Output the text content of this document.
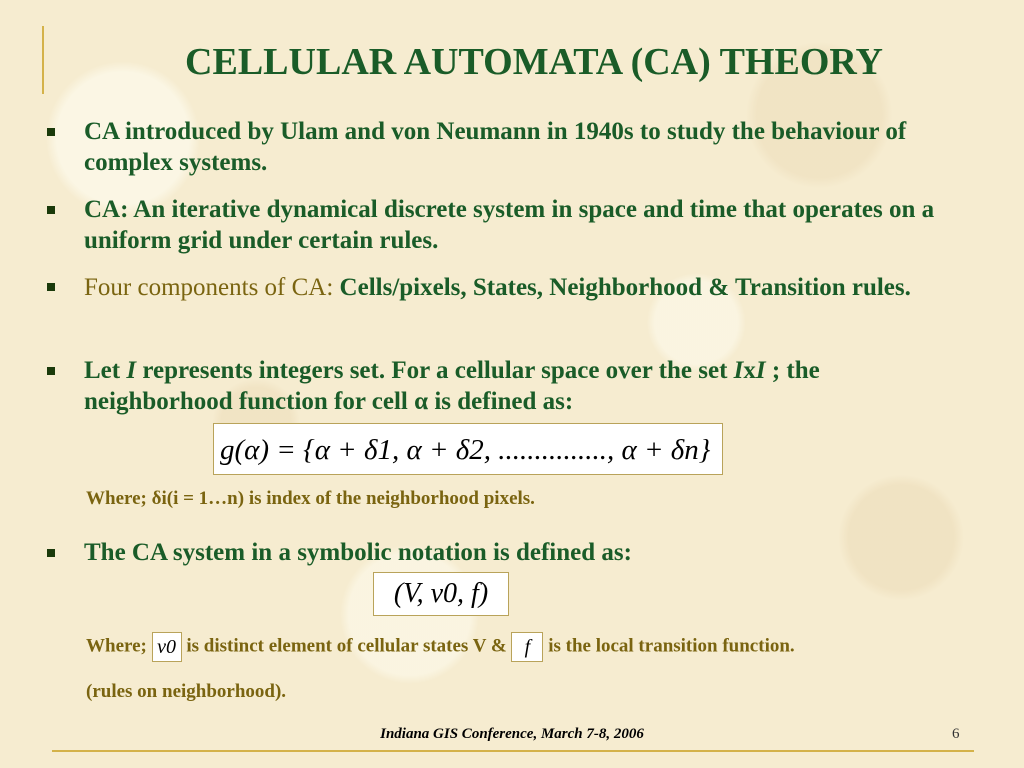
CELLULAR AUTOMATA (CA) THEORY
CA introduced by Ulam and von Neumann in 1940s to study the behaviour of complex systems.
CA: An iterative dynamical discrete system in space and time that operates on a uniform grid under certain rules.
Four components of CA: Cells/pixels, States, Neighborhood & Transition rules.
Let I represents integers set. For a cellular space over the set IxI ; the neighborhood function for cell α is defined as:
g(α) = {α + δ1, α + δ2, ..............., α + δn}
Where; δi(i = 1…n) is index of the neighborhood pixels.
The CA system in a symbolic notation is defined as:
(V, v0, f)
Where; v0 is distinct element of cellular states V & f is the local transition function.
(rules on neighborhood).
Indiana GIS Conference, March 7-8, 2006	6
